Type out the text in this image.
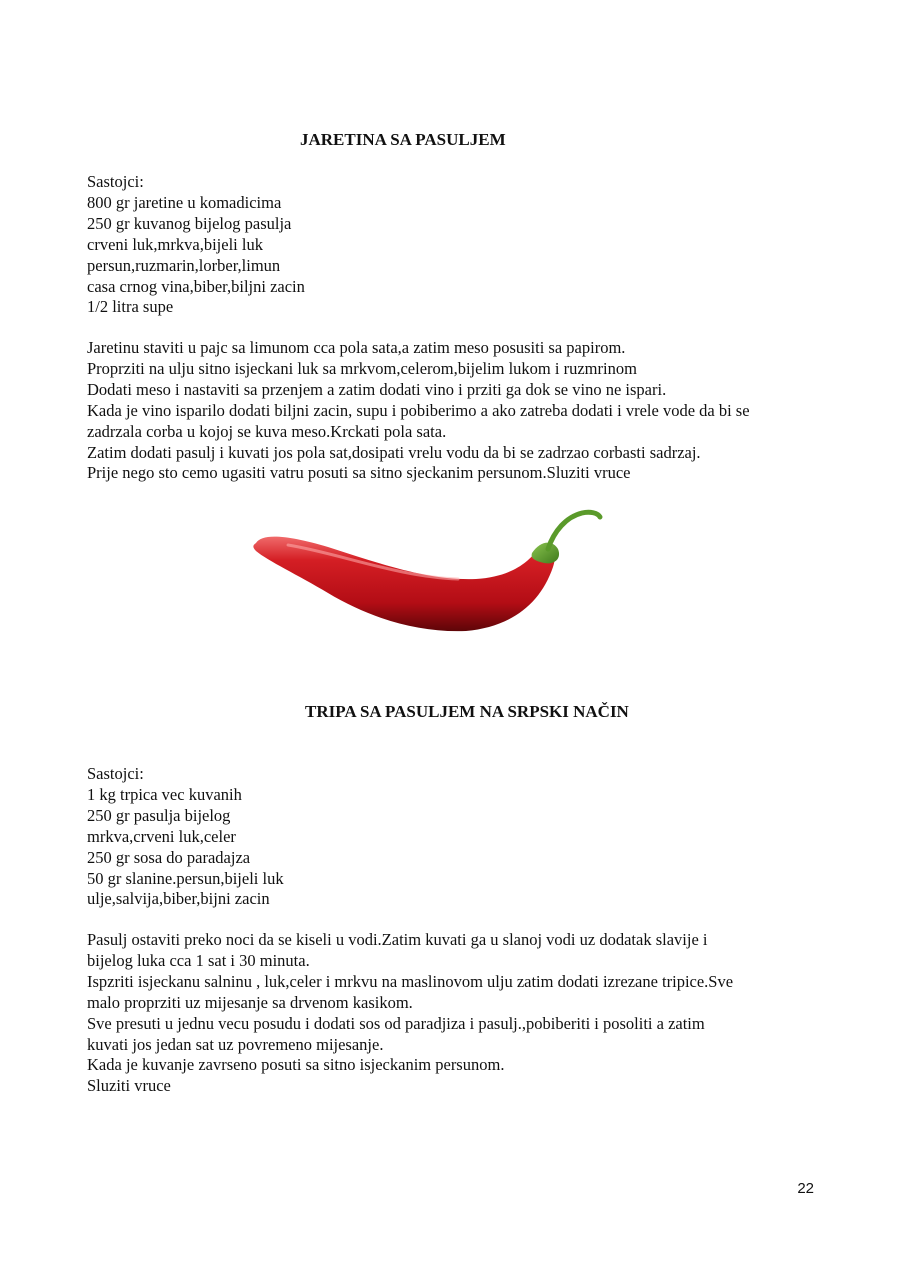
JARETINA SA PASULJEM
Sastojci:
800 gr jaretine u komadicima
250 gr kuvanog bijelog pasulja
crveni luk,mrkva,bijeli luk
persun,ruzmarin,lorber,limun
casa crnog vina,biber,biljni zacin
1/2 litra supe
Jaretinu staviti u pajc sa limunom cca pola sata,a zatim meso posusiti sa papirom.
Proprziti na ulju sitno isjeckani luk sa mrkvom,celerom,bijelim lukom i ruzmrinom
Dodati meso i nastaviti sa przenjem a zatim dodati vino i prziti ga dok se vino ne ispari.
Kada je vino isparilo dodati biljni zacin, supu i pobiberimo a ako zatreba dodati i vrele vode da bi se
zadrzala corba u kojoj se kuva meso.Krckati pola sata.
Zatim dodati pasulj i kuvati jos pola sat,dosipati vrelu vodu da bi se zadrzao corbasti sadrzaj.
Prije nego sto cemo ugasiti vatru posuti sa sitno sjeckanim persunom.Sluziti vruce
TRIPA SA PASULJEM NA SRPSKI NAČIN
Sastojci:
1 kg trpica vec kuvanih
250 gr pasulja bijelog
mrkva,crveni luk,celer
250 gr sosa do paradajza
50 gr slanine.persun,bijeli luk
ulje,salvija,biber,bijni zacin
Pasulj ostaviti preko noci da se kiseli u vodi.Zatim kuvati ga u slanoj vodi uz dodatak slavije i
bijelog luka cca 1 sat i 30 minuta.
Ispzriti isjeckanu salninu , luk,celer i mrkvu na maslinovom ulju zatim dodati izrezane tripice.Sve
malo proprziti uz mijesanje sa drvenom kasikom.
Sve presuti u jednu vecu posudu i dodati sos od paradjiza i pasulj.,pobiberiti i posoliti a zatim
kuvati jos jedan sat uz povremeno mijesanje.
Kada je kuvanje zavrseno posuti sa sitno isjeckanim persunom.
Sluziti vruce
22
